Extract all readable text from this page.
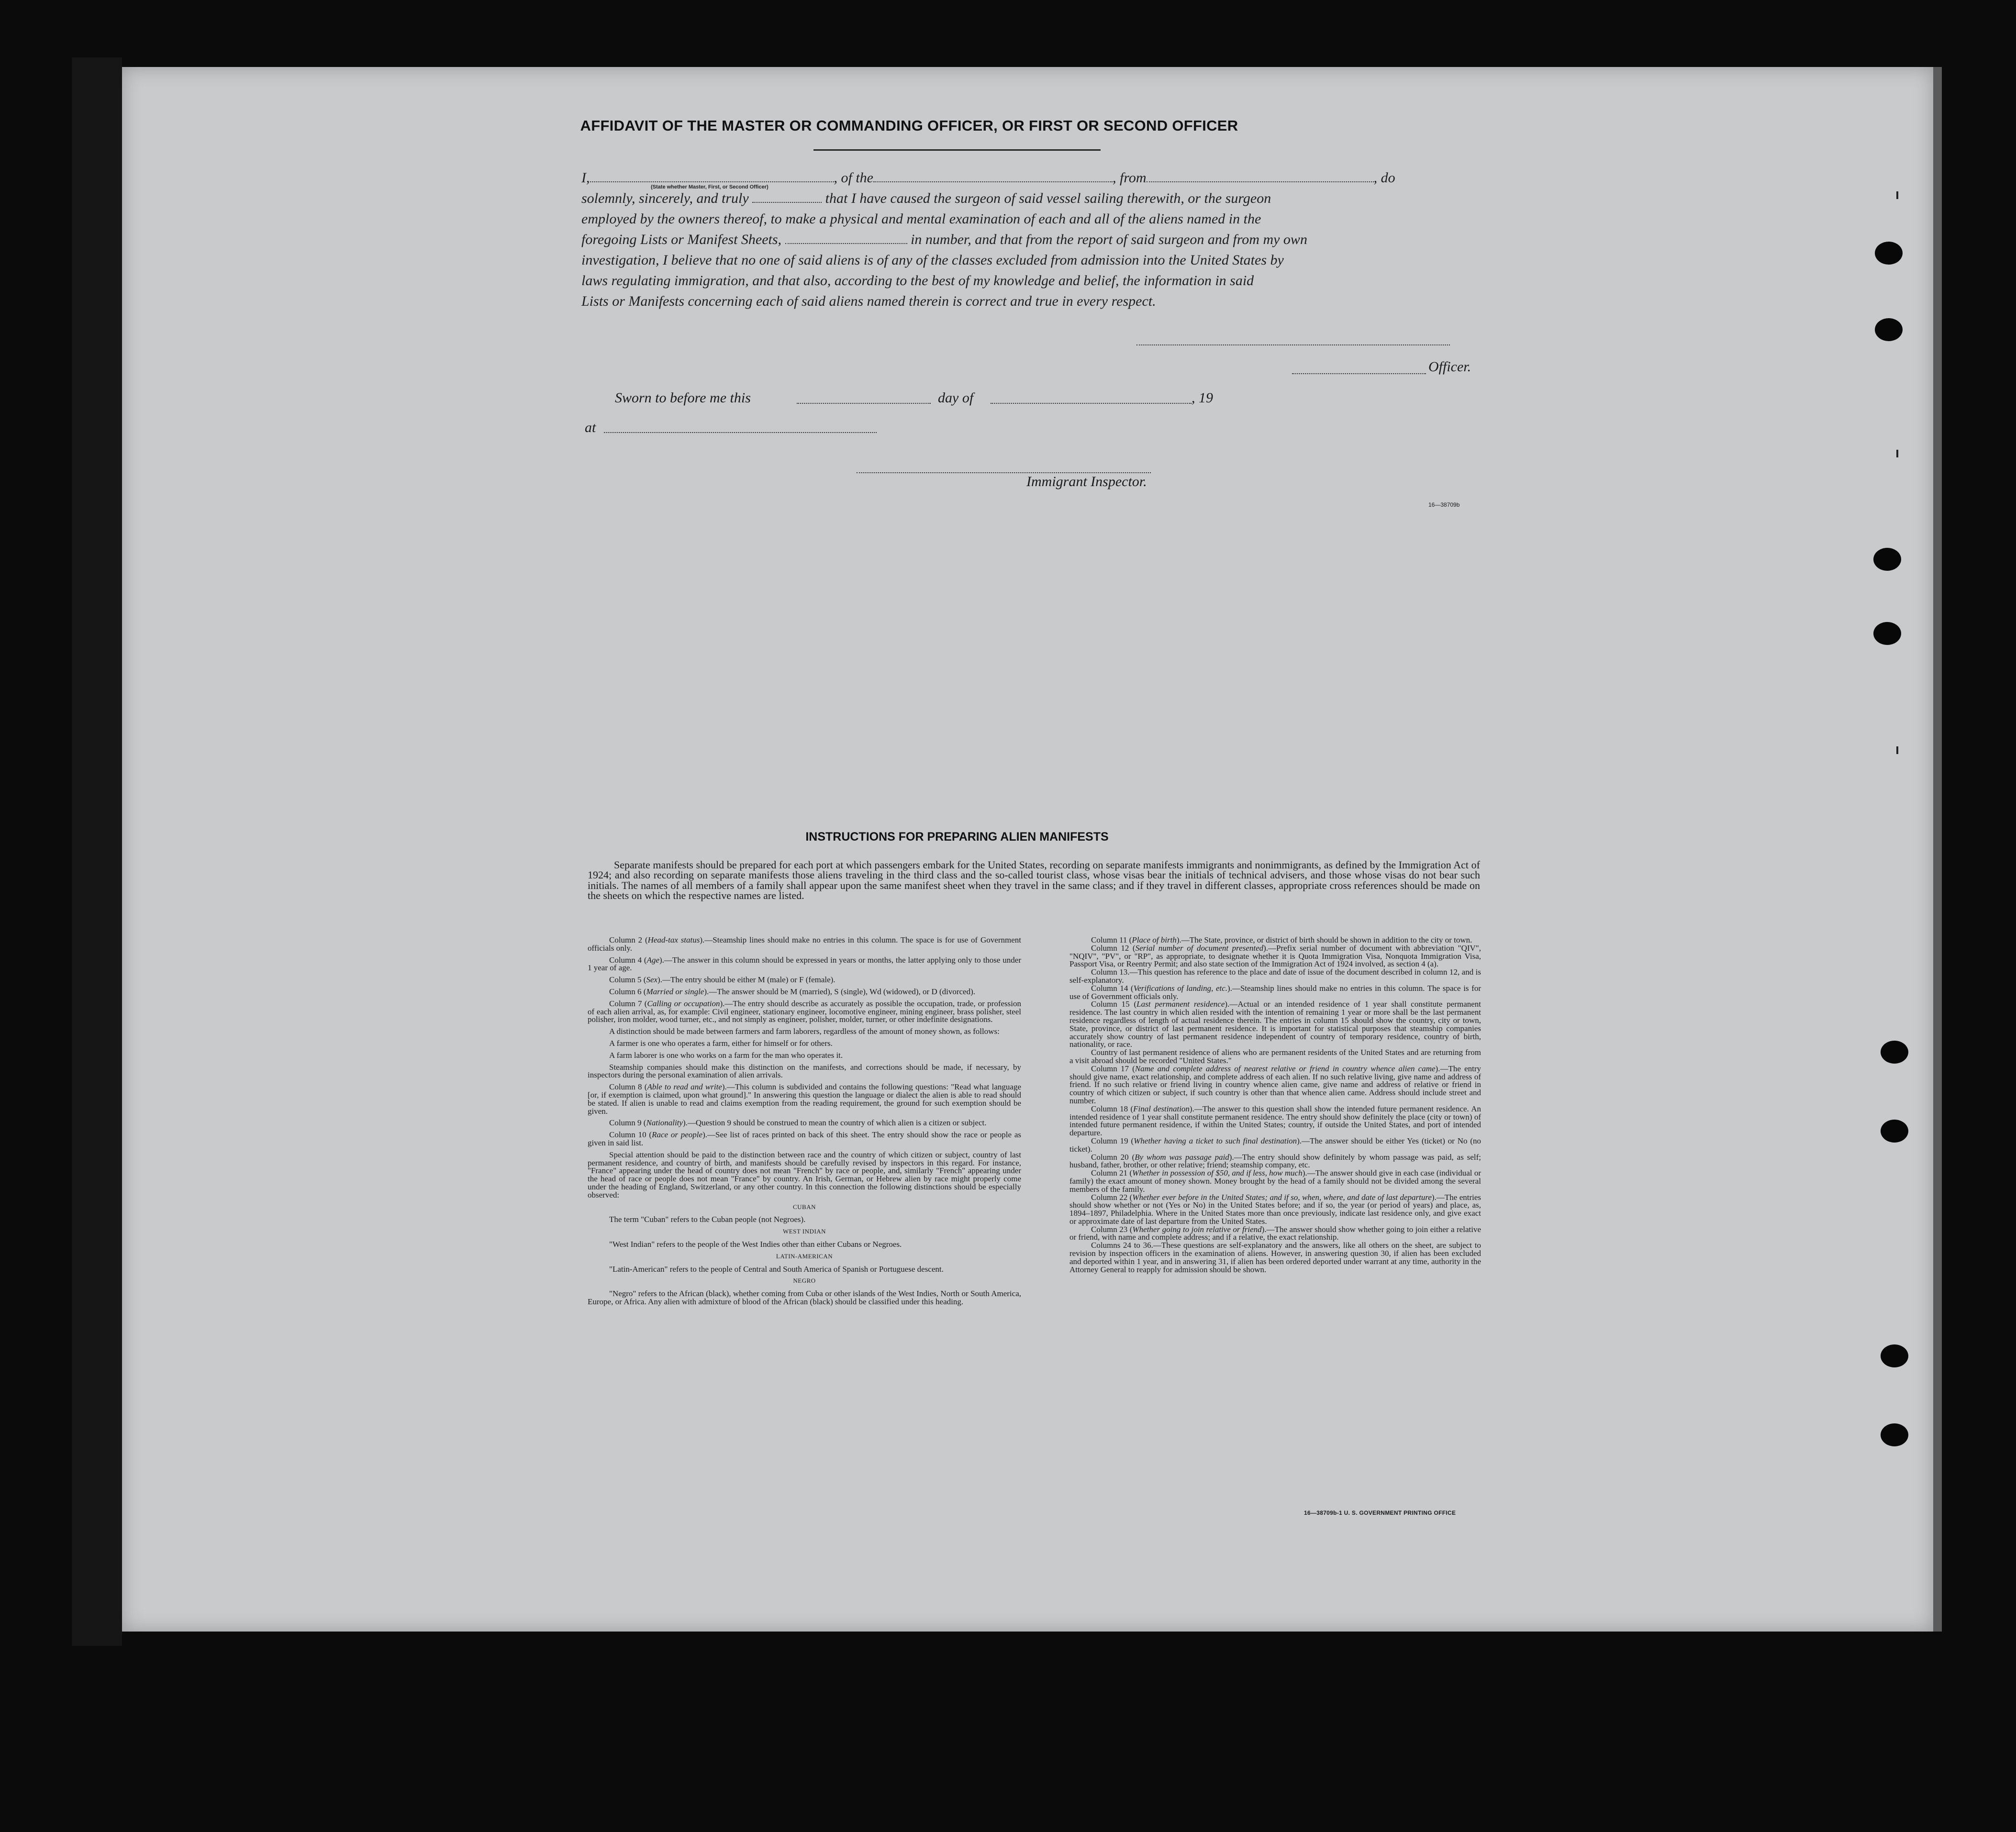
AFFIDAVIT OF THE MASTER OR COMMANDING OFFICER, OR FIRST OR SECOND OFFICER

I,	, of the	, from	, do

solemnly, sincerely, and truly	that I have caused the surgeon of said vessel sailing therewith, or the surgeon

employed by the owners thereof, to make a physical and mental examination of each and all of the aliens named in the

foregoing Lists or Manifest Sheets,	in number, and that from the report of said surgeon and from my own

investigation, I believe that no one of said aliens is of any of the classes excluded from admission into the United States by

laws regulating immigration, and that also, according to the best of my knowledge and belief, the information in said

Lists or Manifests concerning each of said aliens named therein is correct and true in every respect.

(State whether Master, First, or Second Officer)
Officer.
Sworn to before me this	day of	, 19
at
Immigrant Inspector.
16—38709b
INSTRUCTIONS FOR PREPARING ALIEN MANIFESTS

Separate manifests should be prepared for each port at which passengers embark for the United States, recording on separate manifests immigrants and nonimmigrants, as defined by the Immigration Act of 1924; and also recording on separate manifests those aliens traveling in the third class and the so-called tourist class, whose visas bear the initials of technical advisers, and those whose visas do not bear such initials. The names of all members of a family shall appear upon the same manifest sheet when they travel in the same class; and if they travel in different classes, appropriate cross references should be made on the sheets on which the respective names are listed.

Column 2 (Head-tax status).—Steamship lines should make no entries in this column. The space is for use of Government officials only.

Column 4 (Age).—The answer in this column should be expressed in years or months, the latter applying only to those under 1 year of age.

Column 5 (Sex).—The entry should be either M (male) or F (female).

Column 6 (Married or single).—The answer should be M (married), S (single), Wd (widowed), or D (divorced).

Column 7 (Calling or occupation).—The entry should describe as accurately as possible the occupation, trade, or profession of each alien arrival, as, for example: Civil engineer, stationary engineer, locomotive engineer, mining engineer, brass polisher, steel polisher, iron molder, wood turner, etc., and not simply as engineer, polisher, molder, turner, or other indefinite designations.

A distinction should be made between farmers and farm laborers, regardless of the amount of money shown, as follows:

A farmer is one who operates a farm, either for himself or for others.

A farm laborer is one who works on a farm for the man who operates it.

Steamship companies should make this distinction on the manifests, and corrections should be made, if necessary, by inspectors during the personal examination of alien arrivals.

Column 8 (Able to read and write).—This column is subdivided and contains the following questions: "Read what language [or, if exemption is claimed, upon what ground]." In answering this question the language or dialect the alien is able to read should be stated. If alien is unable to read and claims exemption from the reading requirement, the ground for such exemption should be given.

Column 9 (Nationality).—Question 9 should be construed to mean the country of which alien is a citizen or subject.

Column 10 (Race or people).—See list of races printed on back of this sheet. The entry should show the race or people as given in said list.

Special attention should be paid to the distinction between race and the country of which citizen or subject, country of last permanent residence, and country of birth, and manifests should be carefully revised by inspectors in this regard. For instance, "France" appearing under the head of country does not mean "French" by race or people, and, similarly "French" appearing under the head of race or people does not mean "France" by country. An Irish, German, or Hebrew alien by race might properly come under the heading of England, Switzerland, or any other country. In this connection the following distinctions should be especially observed:

CUBAN

The term "Cuban" refers to the Cuban people (not Negroes).

WEST INDIAN

"West Indian" refers to the people of the West Indies other than either Cubans or Negroes.

LATIN-AMERICAN

"Latin-American" refers to the people of Central and South America of Spanish or Portuguese descent.

NEGRO

"Negro" refers to the African (black), whether coming from Cuba or other islands of the West Indies, North or South America, Europe, or Africa. Any alien with admixture of blood of the African (black) should be classified under this heading.

Column 11 (Place of birth).—The State, province, or district of birth should be shown in addition to the city or town.

Column 12 (Serial number of document presented).—Prefix serial number of document with abbreviation "QIV", "NQIV", "PV", or "RP", as appropriate, to designate whether it is Quota Immigration Visa, Nonquota Immigration Visa, Passport Visa, or Reentry Permit; and also state section of the Immigration Act of 1924 involved, as section 4 (a).

Column 13.—This question has reference to the place and date of issue of the document described in column 12, and is self-explanatory.

Column 14 (Verifications of landing, etc.).—Steamship lines should make no entries in this column. The space is for use of Government officials only.

Column 15 (Last permanent residence).—Actual or an intended residence of 1 year shall constitute permanent residence. The last country in which alien resided with the intention of remaining 1 year or more shall be the last permanent residence regardless of length of actual residence therein. The entries in column 15 should show the country, city or town, State, province, or district of last permanent residence. It is important for statistical purposes that steamship companies accurately show country of last permanent residence independent of country of temporary residence, country of birth, nationality, or race.

Country of last permanent residence of aliens who are permanent residents of the United States and are returning from a visit abroad should be recorded "United States."

Column 17 (Name and complete address of nearest relative or friend in country whence alien came).—The entry should give name, exact relationship, and complete address of each alien. If no such relative living, give name and address of friend. If no such relative or friend living in country whence alien came, give name and address of relative or friend in country of which citizen or subject, if such country is other than that whence alien came. Address should include street and number.

Column 18 (Final destination).—The answer to this question shall show the intended future permanent residence. An intended residence of 1 year shall constitute permanent residence. The entry should show definitely the place (city or town) of intended future permanent residence, if within the United States; country, if outside the United States, and port of intended departure.

Column 19 (Whether having a ticket to such final destination).—The answer should be either Yes (ticket) or No (no ticket).

Column 20 (By whom was passage paid).—The entry should show definitely by whom passage was paid, as self; husband, father, brother, or other relative; friend; steamship company, etc.

Column 21 (Whether in possession of $50, and if less, how much).—The answer should give in each case (individual or family) the exact amount of money shown. Money brought by the head of a family should not be divided among the several members of the family.

Column 22 (Whether ever before in the United States; and if so, when, where, and date of last departure).—The entries should show whether or not (Yes or No) in the United States before; and if so, the year (or period of years) and place, as, 1894–1897, Philadelphia. Where in the United States more than once previously, indicate last residence only, and give exact or approximate date of last departure from the United States.

Column 23 (Whether going to join relative or friend).—The answer should show whether going to join either a relative or friend, with name and complete address; and if a relative, the exact relationship.

Columns 24 to 36.—These questions are self-explanatory and the answers, like all others on the sheet, are subject to revision by inspection officers in the examination of aliens. However, in answering question 30, if alien has been excluded and deported within 1 year, and in answering 31, if alien has been ordered deported under warrant at any time, authority in the Attorney General to reapply for admission should be shown.

16—38709b-1 U. S. GOVERNMENT PRINTING OFFICE
